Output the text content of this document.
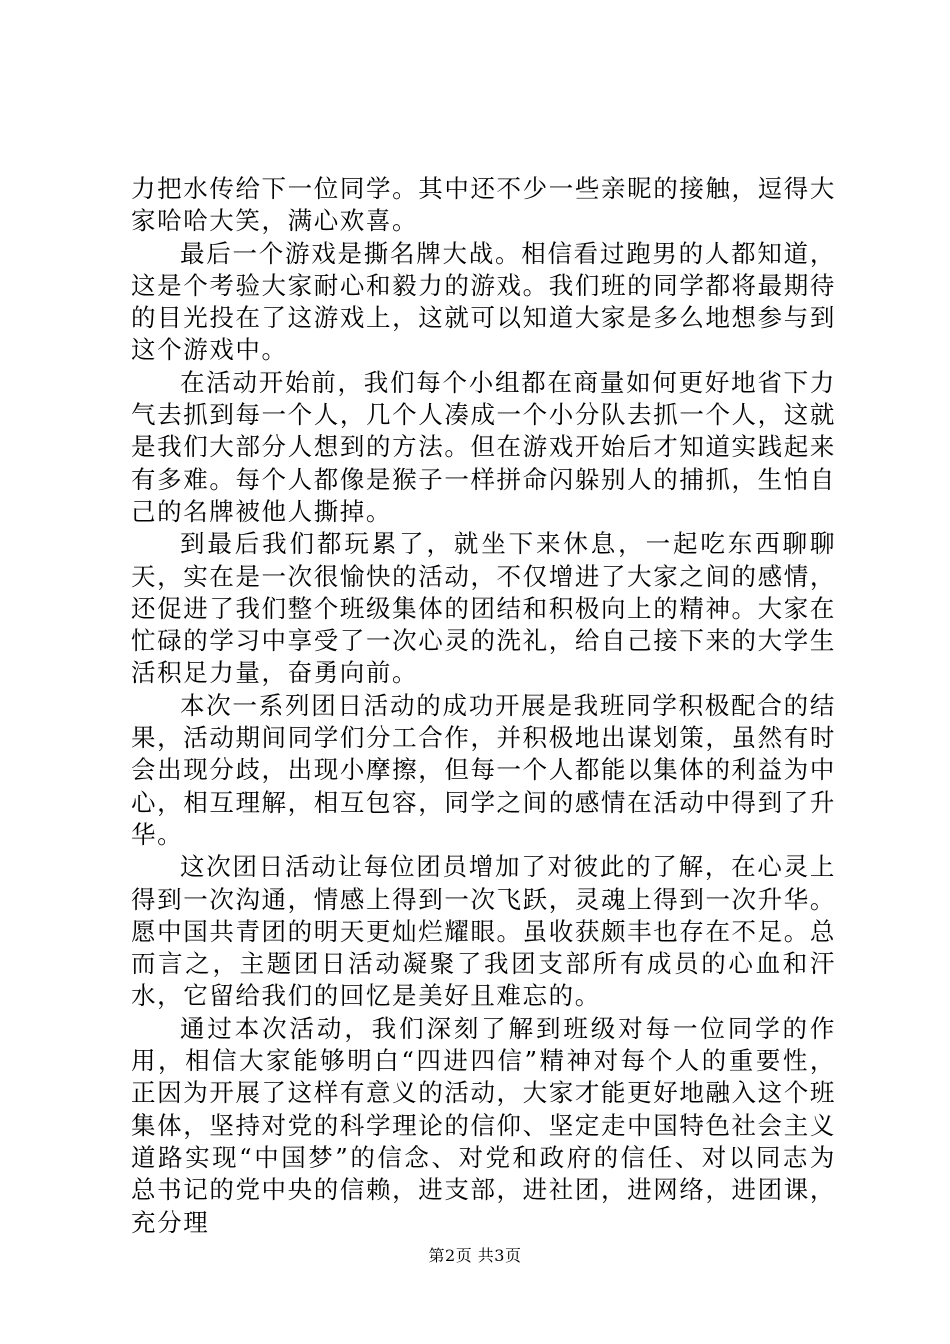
力把水传给下一位同学。其中还不少一些亲昵的接触，逗得大家哈哈大笑，满心欢喜。

最后一个游戏是撕名牌大战。相信看过跑男的人都知道，这是个考验大家耐心和毅力的游戏。我们班的同学都将最期待的目光投在了这游戏上，这就可以知道大家是多么地想参与到这个游戏中。

在活动开始前，我们每个小组都在商量如何更好地省下力气去抓到每一个人，几个人凑成一个小分队去抓一个人，这就是我们大部分人想到的方法。但在游戏开始后才知道实践起来有多难。每个人都像是猴子一样拼命闪躲别人的捕抓，生怕自己的名牌被他人撕掉。

到最后我们都玩累了，就坐下来休息，一起吃东西聊聊天，实在是一次很愉快的活动，不仅增进了大家之间的感情，还促进了我们整个班级集体的团结和积极向上的精神。大家在忙碌的学习中享受了一次心灵的洗礼，给自己接下来的大学生活积足力量，奋勇向前。

本次一系列团日活动的成功开展是我班同学积极配合的结果，活动期间同学们分工合作，并积极地出谋划策，虽然有时会出现分歧，出现小摩擦，但每一个人都能以集体的利益为中心，相互理解，相互包容，同学之间的感情在活动中得到了升华。

这次团日活动让每位团员增加了对彼此的了解，在心灵上得到一次沟通，情感上得到一次飞跃，灵魂上得到一次升华。愿中国共青团的明天更灿烂耀眼。虽收获颇丰也存在不足。总而言之，主题团日活动凝聚了我团支部所有成员的心血和汗水，它留给我们的回忆是美好且难忘的。

通过本次活动，我们深刻了解到班级对每一位同学的作用，相信大家能够明白“四进四信”精神对每个人的重要性，正因为开展了这样有意义的活动，大家才能更好地融入这个班集体，坚持对党的科学理论的信仰、坚定走中国特色社会主义道路实现“中国梦”的信念、对党和政府的信任、对以同志为总书记的党中央的信赖，进支部，进社团，进网络，进团课，充分理

第2页 共3页
